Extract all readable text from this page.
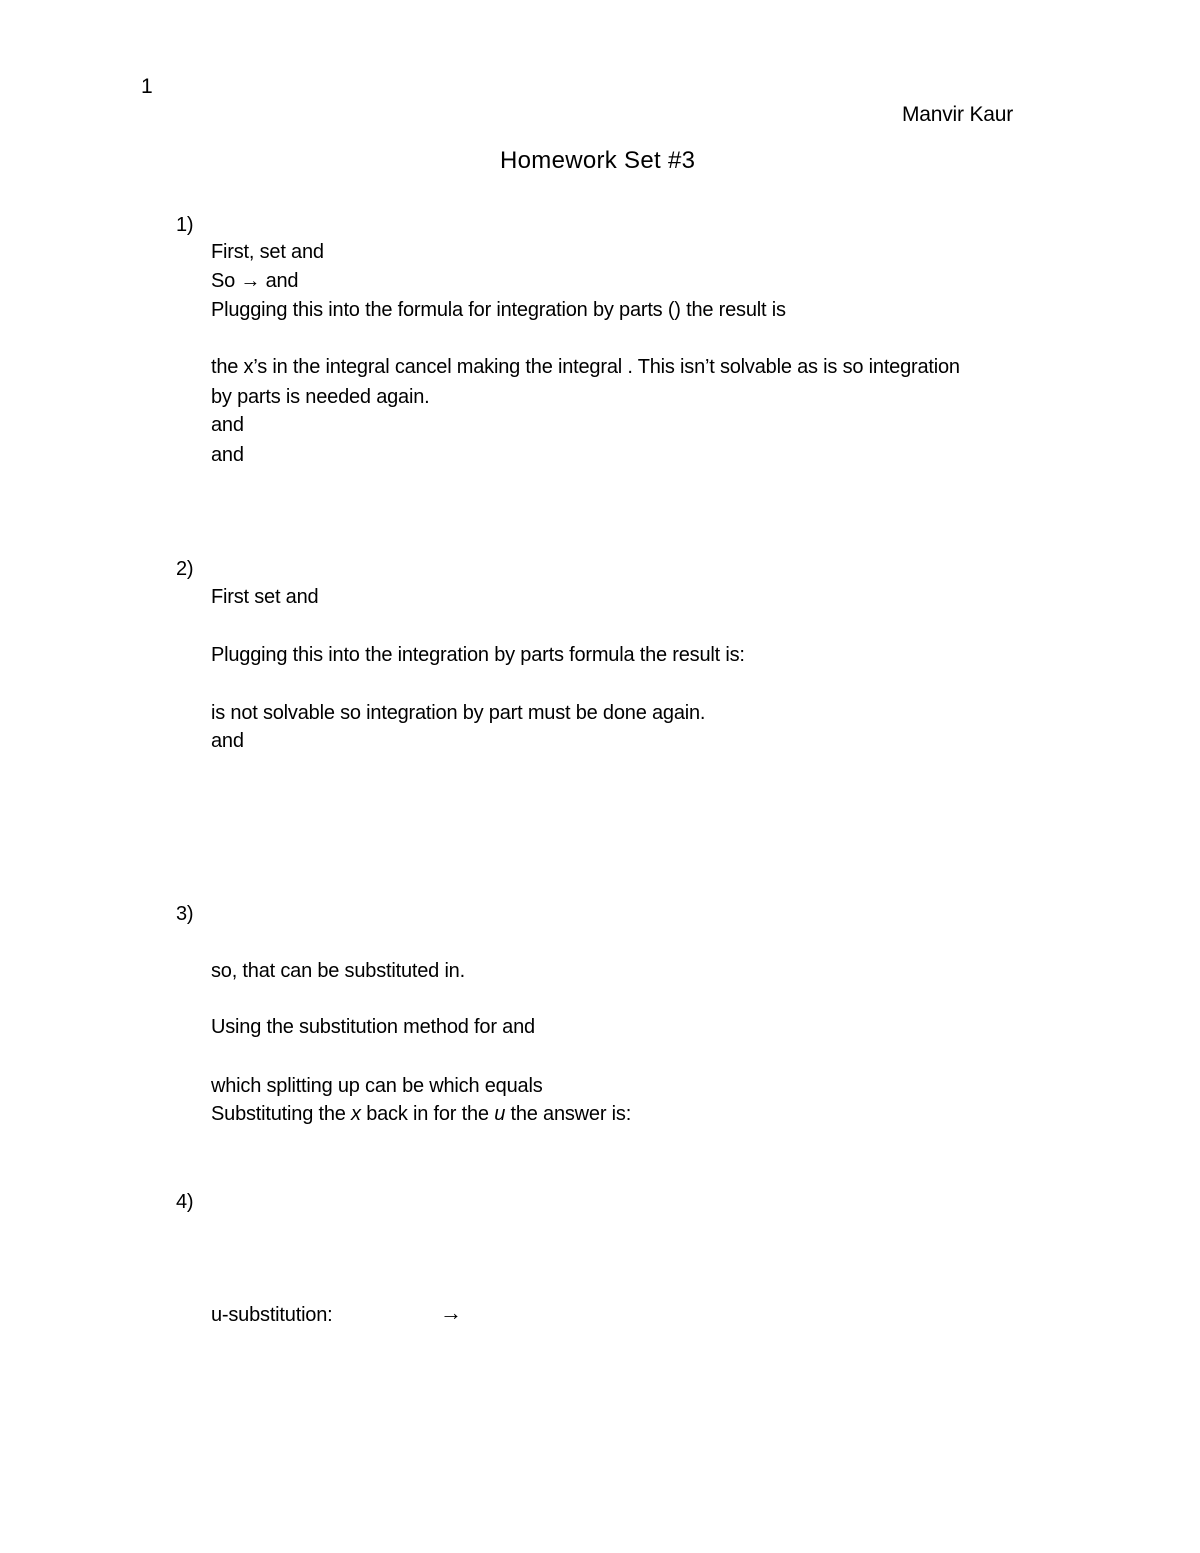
1
Manvir Kaur
Homework Set #3
1)
First, set and
So → and
Plugging this into the formula for integration by parts () the result is
the x’s in the integral cancel making the integral . This isn’t solvable as is so integration
by parts is needed again.
and
and
2)
First set and
Plugging this into the integration by parts formula the result is:
is not solvable so integration by part must be done again.
and
3)
so, that can be substituted in.
Using the substitution method for and
which splitting up can be which equals
Substituting the x back in for the u the answer is:
4)
u-substitution:	→
